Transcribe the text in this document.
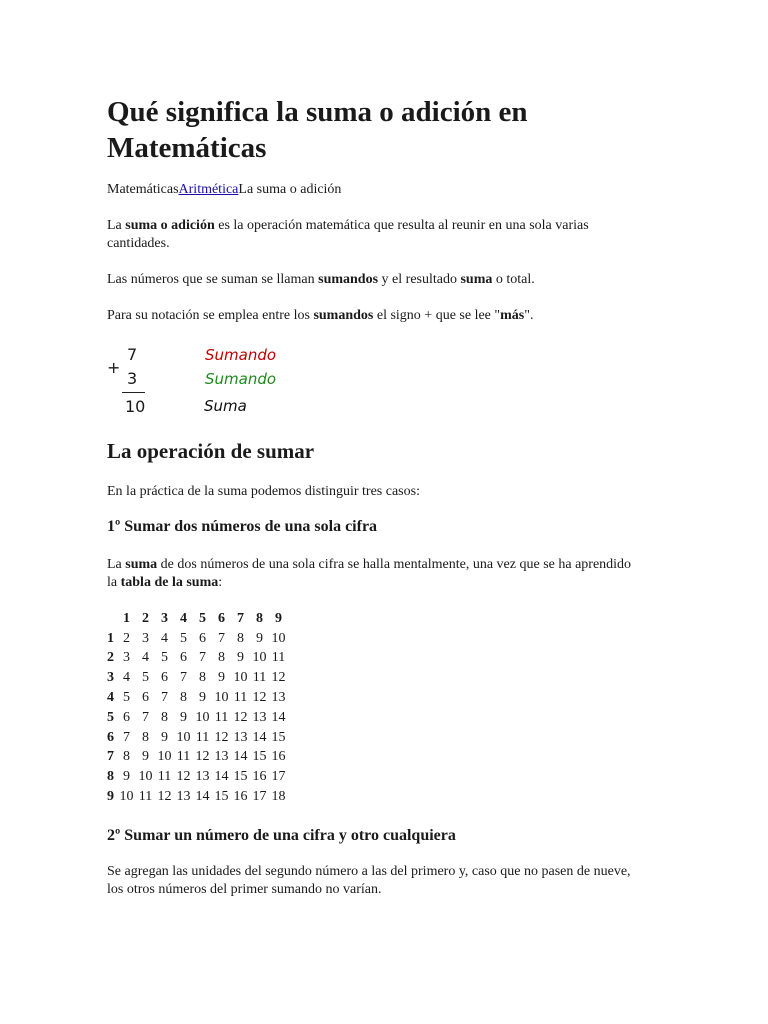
Qué significa la suma o adición en Matemáticas

MatemáticasAritméticaLa suma o adición

La suma o adición es la operación matemática que resulta al reunir en una sola varias cantidades.

Las números que se suman se llaman sumandos y el resultado suma o total.

Para su notación se emplea entre los sumandos el signo + que se lee "más".

+
7
3
10
Sumando
Sumando
Suma
La operación de sumar

En la práctica de la suma podemos distinguir tres casos:

1º Sumar dos números de una sola cifra

La suma de dos números de una sola cifra se halla mentalmente, una vez que se ha aprendido la tabla de la suma:

	1	2	3	4	5	6	7	8	9
1	2	3	4	5	6	7	8	9	10
2	3	4	5	6	7	8	9	10	11
3	4	5	6	7	8	9	10	11	12
4	5	6	7	8	9	10	11	12	13
5	6	7	8	9	10	11	12	13	14
6	7	8	9	10	11	12	13	14	15
7	8	9	10	11	12	13	14	15	16
8	9	10	11	12	13	14	15	16	17
9	10	11	12	13	14	15	16	17	18
2º Sumar un número de una cifra y otro cualquiera

Se agregan las unidades del segundo número a las del primero y, caso que no pasen de nueve, los otros números del primer sumando no varían.
